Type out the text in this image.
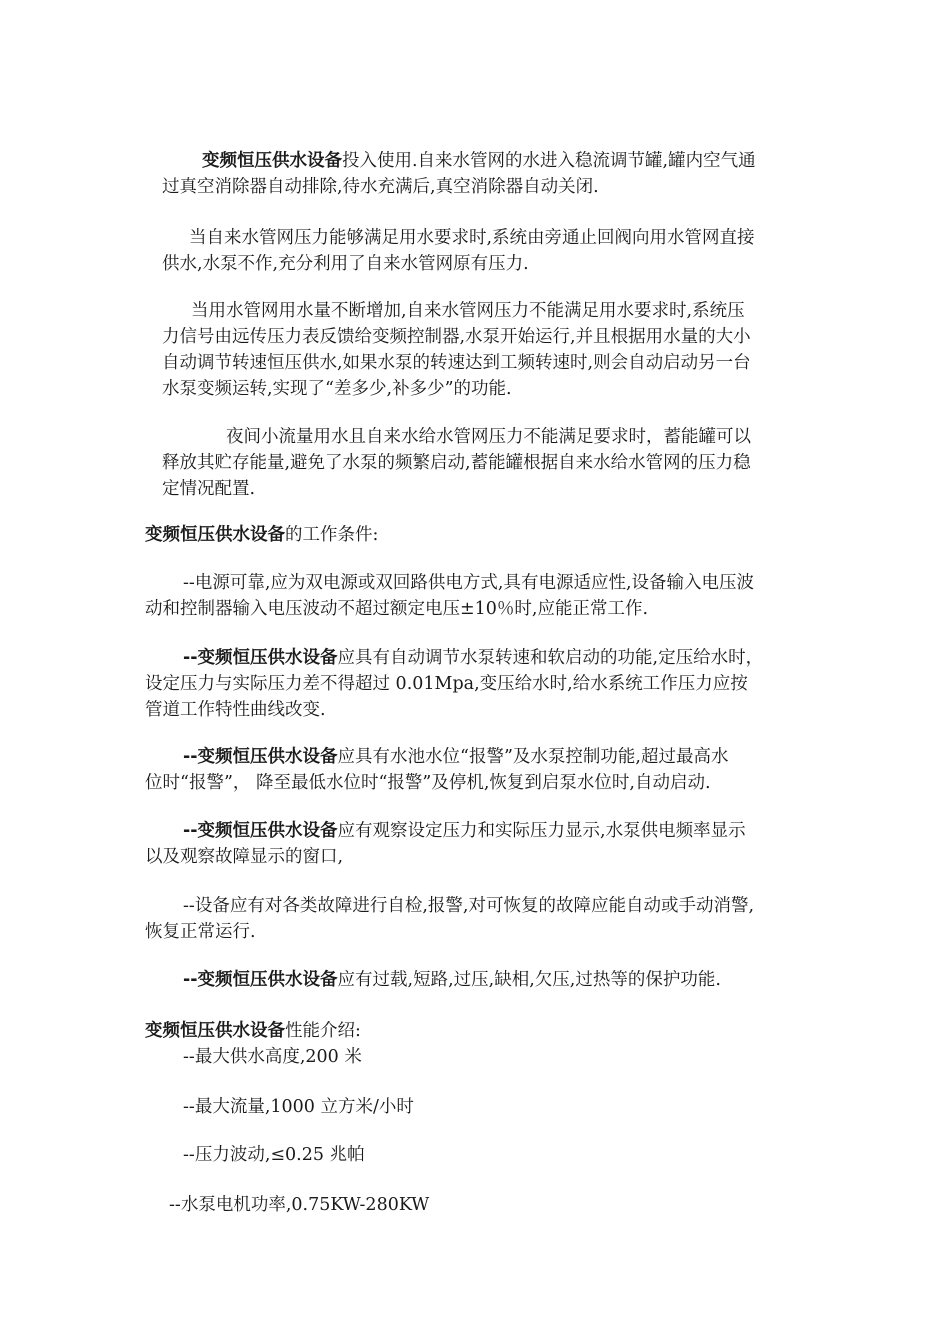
变频恒压供水设备投入使用.自来水管网的水进入稳流调节罐,罐内空气通
过真空消除器自动排除,待水充满后,真空消除器自动关闭.
当自来水管网压力能够满足用水要求时,系统由旁通止回阀向用水管网直接
供水,水泵不作,充分利用了自来水管网原有压力.
当用水管网用水量不断增加,自来水管网压力不能满足用水要求时,系统压
力信号由远传压力表反馈给变频控制器,水泵开始运行,并且根据用水量的大小
自动调节转速恒压供水,如果水泵的转速达到工频转速时,则会自动启动另一台
水泵变频运转,实现了“差多少,补多少”的功能.
夜间小流量用水且自来水给水管网压力不能满足要求时，蓄能罐可以
释放其贮存能量,避免了水泵的频繁启动,蓄能罐根据自来水给水管网的压力稳
定情况配置.
变频恒压供水设备的工作条件:
--电源可靠,应为双电源或双回路供电方式,具有电源适应性,设备输入电压波
动和控制器输入电压波动不超过额定电压±10％时,应能正常工作.
--变频恒压供水设备应具有自动调节水泵转速和软启动的功能,定压给水时，
设定压力与实际压力差不得超过 0.01Mpa,变压给水时,给水系统工作压力应按
管道工作特性曲线改变.
--变频恒压供水设备应具有水池水位“报警”及水泵控制功能,超过最高水
位时“报警”， 降至最低水位时“报警”及停机,恢复到启泵水位时,自动启动.
--变频恒压供水设备应有观察设定压力和实际压力显示,水泵供电频率显示
以及观察故障显示的窗口,
--设备应有对各类故障进行自检,报警,对可恢复的故障应能自动或手动消警,
恢复正常运行.
--变频恒压供水设备应有过载,短路,过压,缺相,欠压,过热等的保护功能.
变频恒压供水设备性能介绍:
--最大供水高度,200 米
--最大流量,1000 立方米/小时
--压力波动,≤0.25 兆帕
--水泵电机功率,0.75KW-280KW
